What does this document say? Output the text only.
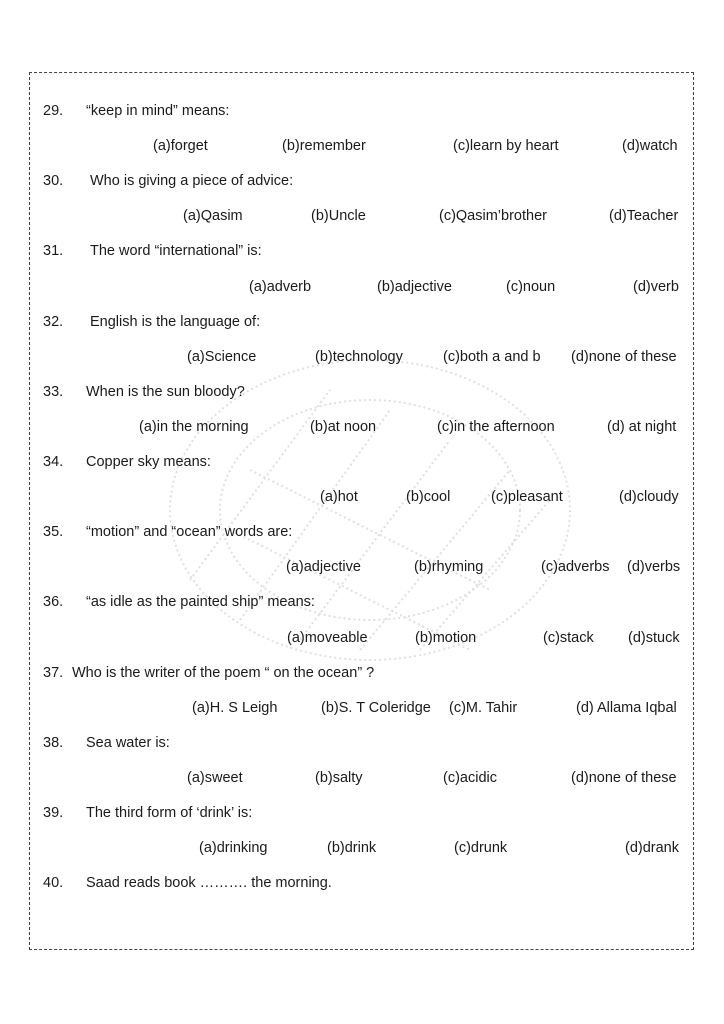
29. “keep in mind” means:
(a)forget	(b)remember	(c)learn by heart	(d)watch
30. Who is giving a piece of advice:
(a)Qasim	(b)Uncle	(c)Qasim’brother	(d)Teacher
31. The word “international” is:
(a)adverb	(b)adjective	(c)noun	(d)verb
32. English is the language of:
(a)Science	(b)technology	(c)both a and b (d)none of these
33. When is the sun bloody?
(a)in the morning	(b)at noon	(c)in the afternoon	(d) at night
34. Copper sky means:
(a)hot	(b)cool	(c)pleasant	(d)cloudy
35. “motion” and “ocean” words are:
(a)adjective	(b)rhyming	(c)adverbs (d)verbs
36. “as idle as the painted ship” means:
(a)moveable	(b)motion	(c)stack (d)stuck
37. Who is the writer of the poem “ on the ocean” ?
(a)H. S Leigh	(b)S. T Coleridge (c)M. Tahir	(d) Allama Iqbal
38. Sea water is:
(a)sweet	(b)salty	(c)acidic	(d)none of these
39. The third form of ‘drink’ is:
(a)drinking	(b)drink	(c)drunk	(d)drank
40. Saad reads book ………. the morning.
